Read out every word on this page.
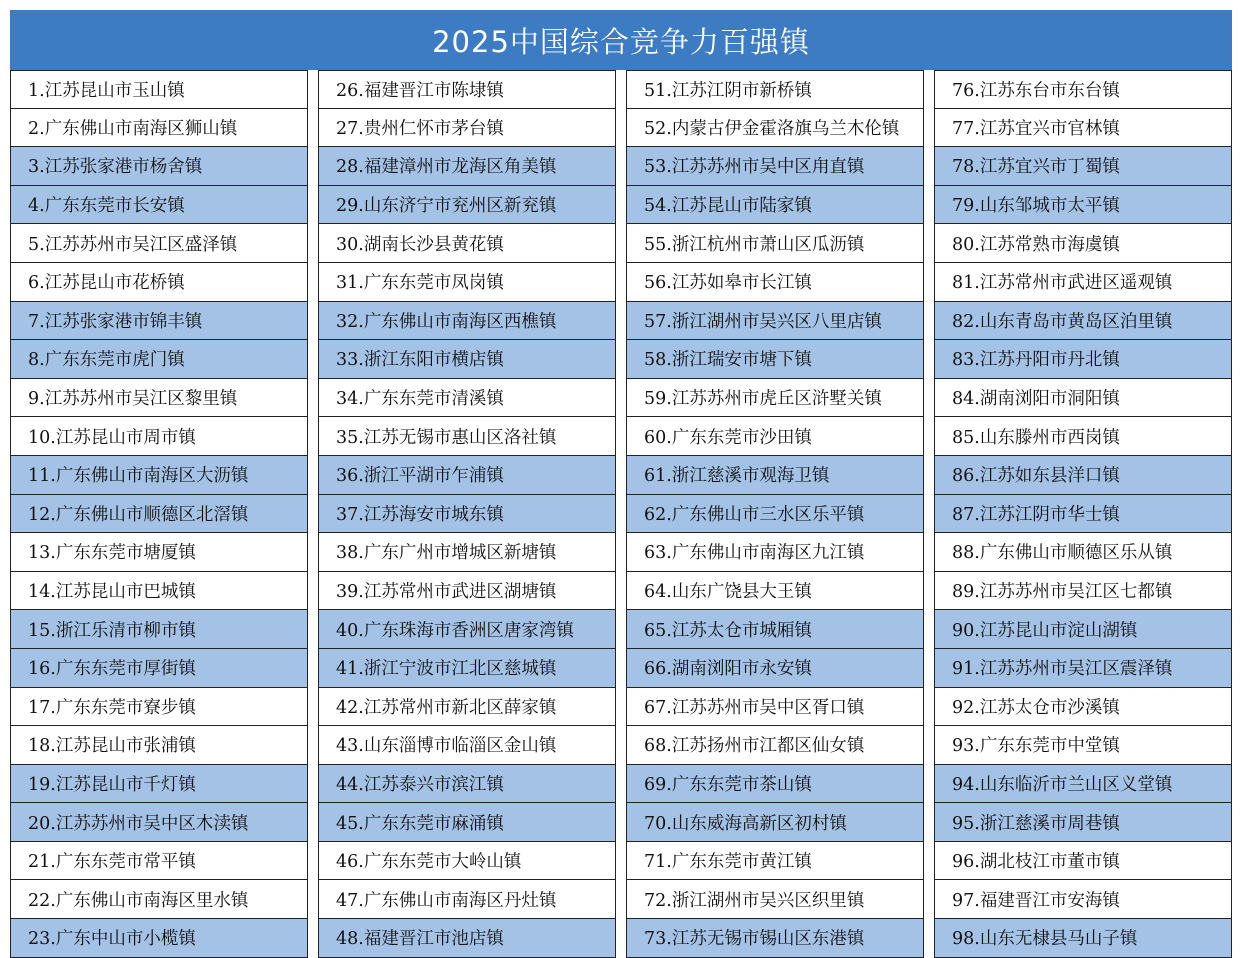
2025中国综合竞争力百强镇
1.江苏昆山市玉山镇
2.广东佛山市南海区狮山镇
3.江苏张家港市杨舍镇
4.广东东莞市长安镇
5.江苏苏州市吴江区盛泽镇
6.江苏昆山市花桥镇
7.江苏张家港市锦丰镇
8.广东东莞市虎门镇
9.江苏苏州市吴江区黎里镇
10.江苏昆山市周市镇
11.广东佛山市南海区大沥镇
12.广东佛山市顺德区北滘镇
13.广东东莞市塘厦镇
14.江苏昆山市巴城镇
15.浙江乐清市柳市镇
16.广东东莞市厚街镇
17.广东东莞市寮步镇
18.江苏昆山市张浦镇
19.江苏昆山市千灯镇
20.江苏苏州市吴中区木渎镇
21.广东东莞市常平镇
22.广东佛山市南海区里水镇
23.广东中山市小榄镇
26.福建晋江市陈埭镇
27.贵州仁怀市茅台镇
28.福建漳州市龙海区角美镇
29.山东济宁市兖州区新兖镇
30.湖南长沙县黄花镇
31.广东东莞市凤岗镇
32.广东佛山市南海区西樵镇
33.浙江东阳市横店镇
34.广东东莞市清溪镇
35.江苏无锡市惠山区洛社镇
36.浙江平湖市乍浦镇
37.江苏海安市城东镇
38.广东广州市增城区新塘镇
39.江苏常州市武进区湖塘镇
40.广东珠海市香洲区唐家湾镇
41.浙江宁波市江北区慈城镇
42.江苏常州市新北区薛家镇
43.山东淄博市临淄区金山镇
44.江苏泰兴市滨江镇
45.广东东莞市麻涌镇
46.广东东莞市大岭山镇
47.广东佛山市南海区丹灶镇
48.福建晋江市池店镇
51.江苏江阴市新桥镇
52.内蒙古伊金霍洛旗乌兰木伦镇
53.江苏苏州市吴中区甪直镇
54.江苏昆山市陆家镇
55.浙江杭州市萧山区瓜沥镇
56.江苏如皋市长江镇
57.浙江湖州市吴兴区八里店镇
58.浙江瑞安市塘下镇
59.江苏苏州市虎丘区浒墅关镇
60.广东东莞市沙田镇
61.浙江慈溪市观海卫镇
62.广东佛山市三水区乐平镇
63.广东佛山市南海区九江镇
64.山东广饶县大王镇
65.江苏太仓市城厢镇
66.湖南浏阳市永安镇
67.江苏苏州市吴中区胥口镇
68.江苏扬州市江都区仙女镇
69.广东东莞市茶山镇
70.山东威海高新区初村镇
71.广东东莞市黄江镇
72.浙江湖州市吴兴区织里镇
73.江苏无锡市锡山区东港镇
76.江苏东台市东台镇
77.江苏宜兴市官林镇
78.江苏宜兴市丁蜀镇
79.山东邹城市太平镇
80.江苏常熟市海虞镇
81.江苏常州市武进区遥观镇
82.山东青岛市黄岛区泊里镇
83.江苏丹阳市丹北镇
84.湖南浏阳市洞阳镇
85.山东滕州市西岗镇
86.江苏如东县洋口镇
87.江苏江阴市华士镇
88.广东佛山市顺德区乐从镇
89.江苏苏州市吴江区七都镇
90.江苏昆山市淀山湖镇
91.江苏苏州市吴江区震泽镇
92.江苏太仓市沙溪镇
93.广东东莞市中堂镇
94.山东临沂市兰山区义堂镇
95.浙江慈溪市周巷镇
96.湖北枝江市董市镇
97.福建晋江市安海镇
98.山东无棣县马山子镇
